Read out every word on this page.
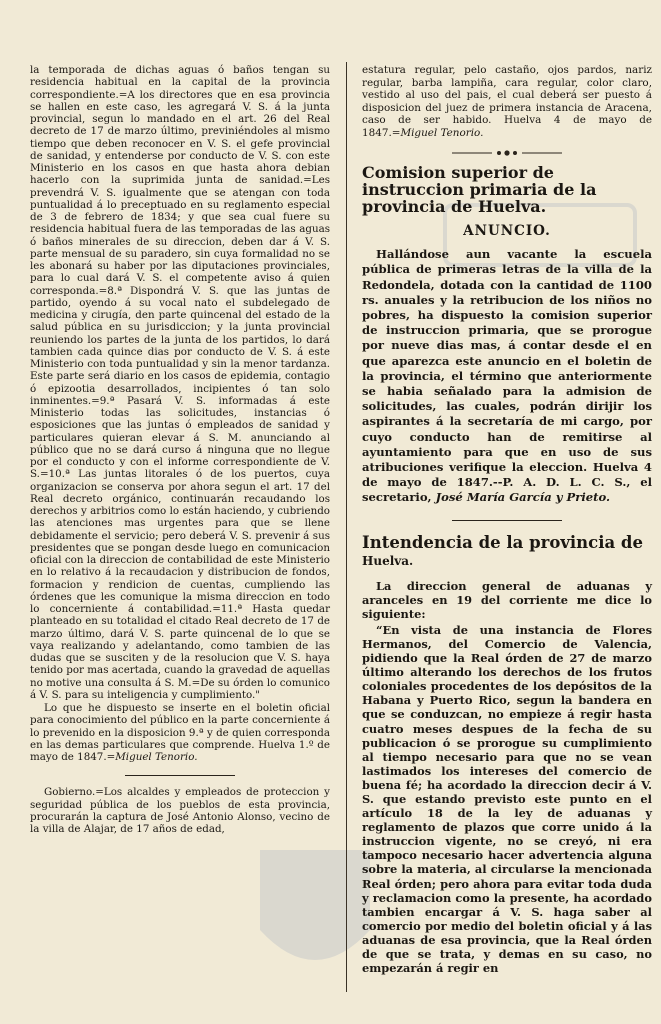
la temporada de dichas aguas ó baños tengan su residencia habitual en la capital de la provincia correspondiente.=A los directores que en esa provincia se hallen en este caso, les agregará V. S. á la junta provincial, segun lo mandado en el art. 26 del Real decreto de 17 de marzo último, previniéndoles al mismo tiempo que deben reconocer en V. S. el gefe provincial de sanidad, y entenderse por conducto de V. S. con este Ministerio en los casos en que hasta ahora debian hacerlo con la suprimida junta de sanidad.=Les prevendrá V. S. igualmente que se atengan con toda puntualidad á lo preceptuado en su reglamento especial de 3 de febrero de 1834; y que sea cual fuere su residencia habitual fuera de las temporadas de las aguas ó baños minerales de su direccion, deben dar á V. S. parte mensual de su paradero, sin cuya formalidad no se les abonará su haber por las diputaciones provinciales, para lo cual dará V. S. el competente aviso á quien corresponda.=8.ª Dispondrá V. S. que las juntas de partido, oyendo á su vocal nato el subdelegado de medicina y cirugía, den parte quincenal del estado de la salud pública en su jurisdiccion; y la junta provincial reuniendo los partes de la junta de los partidos, lo dará tambien cada quince dias por conducto de V. S. á este Ministerio con toda puntualidad y sin la menor tardanza. Este parte será diario en los casos de epidemia, contagio ó epizootia desarrollados, incipientes ó tan solo inminentes.=9.ª Pasará V. S. informadas á este Ministerio todas las solicitudes, instancias ó esposiciones que las juntas ó empleados de sanidad y particulares quieran elevar á S. M. anunciando al público que no se dará curso á ninguna que no llegue por el conducto y con el informe correspondiente de V. S.=10.ª Las juntas litorales ó de los puertos, cuya organizacion se conserva por ahora segun el art. 17 del Real decreto orgánico, continuarán recaudando los derechos y arbitrios como lo están haciendo, y cubriendo las atenciones mas urgentes para que se llene debidamente el servicio; pero deberá V. S. prevenir á sus presidentes que se pongan desde luego en comunicacion oficial con la direccion de contabilidad de este Ministerio en lo relativo á la recaudacion y distribucion de fondos, formacion y rendicion de cuentas, cumpliendo las órdenes que les comunique la misma direccion en todo lo concerniente á contabilidad.=11.ª Hasta quedar planteado en su totalidad el citado Real decreto de 17 de marzo último, dará V. S. parte quincenal de lo que se vaya realizando y adelantando, como tambien de las dudas que se susciten y de la resolucion que V. S. haya tenido por mas acertada, cuando la gravedad de aquellas no motive una consulta á S. M.=De su órden lo comunico á V. S. para su inteligencia y cumplimiento."

Lo que he dispuesto se inserte en el boletin oficial para conocimiento del público en la parte concerniente á lo prevenido en la disposicion 9.ª y de quien corresponda en las demas particulares que comprende. Huelva 1.º de mayo de 1847.=Miguel Tenorio.

Gobierno.=Los alcaldes y empleados de proteccion y seguridad pública de los pueblos de esta provincia, procurarán la captura de José Antonio Alonso, vecino de la villa de Alajar, de 17 años de edad,

estatura regular, pelo castaño, ojos pardos, nariz regular, barba lampiña, cara regular, color claro, vestido al uso del pais, el cual deberá ser puesto á disposicion del juez de primera instancia de Aracena, caso de ser habido. Huelva 4 de mayo de 1847.=Miguel Tenorio.

Comision superior de instruccion primaria de la provincia de Huelva.

ANUNCIO.

Hallándose aun vacante la escuela pública de primeras letras de la villa de la Redondela, dotada con la cantidad de 1100 rs. anuales y la retribucion de los niños no pobres, ha dispuesto la comision superior de instruccion primaria, que se prorogue por nueve dias mas, á contar desde el en que aparezca este anuncio en el boletin de la provincia, el término que anteriormente se habia señalado para la admision de solicitudes, las cuales, podrán dirijir los aspirantes á la secretaría de mi cargo, por cuyo conducto han de remitirse al ayuntamiento para que en uso de sus atribuciones verifique la eleccion. Huelva 4 de mayo de 1847.--P. A. D. L. C. S., el secretario, José María García y Prieto.

Intendencia de la provincia de

Huelva.

La direccion general de aduanas y aranceles en 19 del corriente me dice lo siguiente:

“En vista de una instancia de Flores Hermanos, del Comercio de Valencia, pidiendo que la Real órden de 27 de marzo último alterando los derechos de los frutos coloniales procedentes de los depósitos de la Habana y Puerto Rico, segun la bandera en que se conduzcan, no empieze á regir hasta cuatro meses despues de la fecha de su publicacion ó se prorogue su cumplimiento al tiempo necesario para que no se vean lastimados los intereses del comercio de buena fé; ha acordado la direccion decir á V. S. que estando previsto este punto en el artículo 18 de la ley de aduanas y reglamento de plazos que corre unido á la instruccion vigente, no se creyó, ni era tampoco necesario hacer advertencia alguna sobre la materia, al circularse la mencionada Real órden; pero ahora para evitar toda duda y reclamacion como la presente, ha acordado tambien encargar á V. S. haga saber al comercio por medio del boletin oficial y á las aduanas de esa provincia, que la Real órden de que se trata, y demas en su caso, no empezarán á regir en
